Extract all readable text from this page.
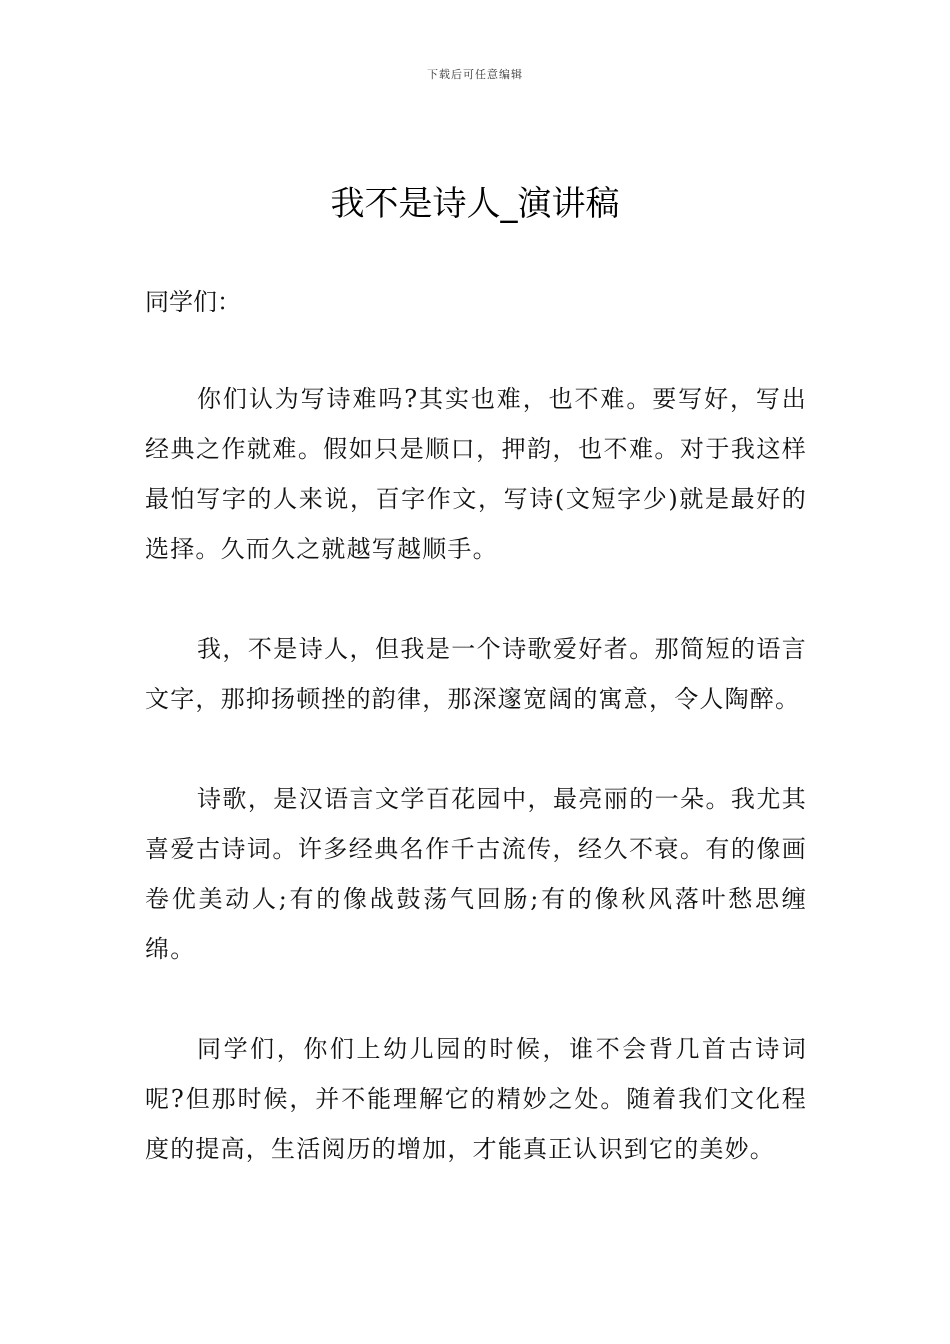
下载后可任意编辑
我不是诗人_演讲稿

同学们：

你们认为写诗难吗?其实也难，也不难。要写好，写出经典之作就难。假如只是顺口，押韵，也不难。对于我这样最怕写字的人来说，百字作文，写诗(文短字少)就是最好的选择。久而久之就越写越顺手。

我，不是诗人，但我是一个诗歌爱好者。那简短的语言文字，那抑扬顿挫的韵律，那深邃宽阔的寓意，令人陶醉。

诗歌，是汉语言文学百花园中，最亮丽的一朵。我尤其喜爱古诗词。许多经典名作千古流传，经久不衰。有的像画卷优美动人;有的像战鼓荡气回肠;有的像秋风落叶愁思缠绵。

同学们，你们上幼儿园的时候，谁不会背几首古诗词呢?但那时候，并不能理解它的精妙之处。随着我们文化程度的提高，生活阅历的增加，才能真正认识到它的美妙。
